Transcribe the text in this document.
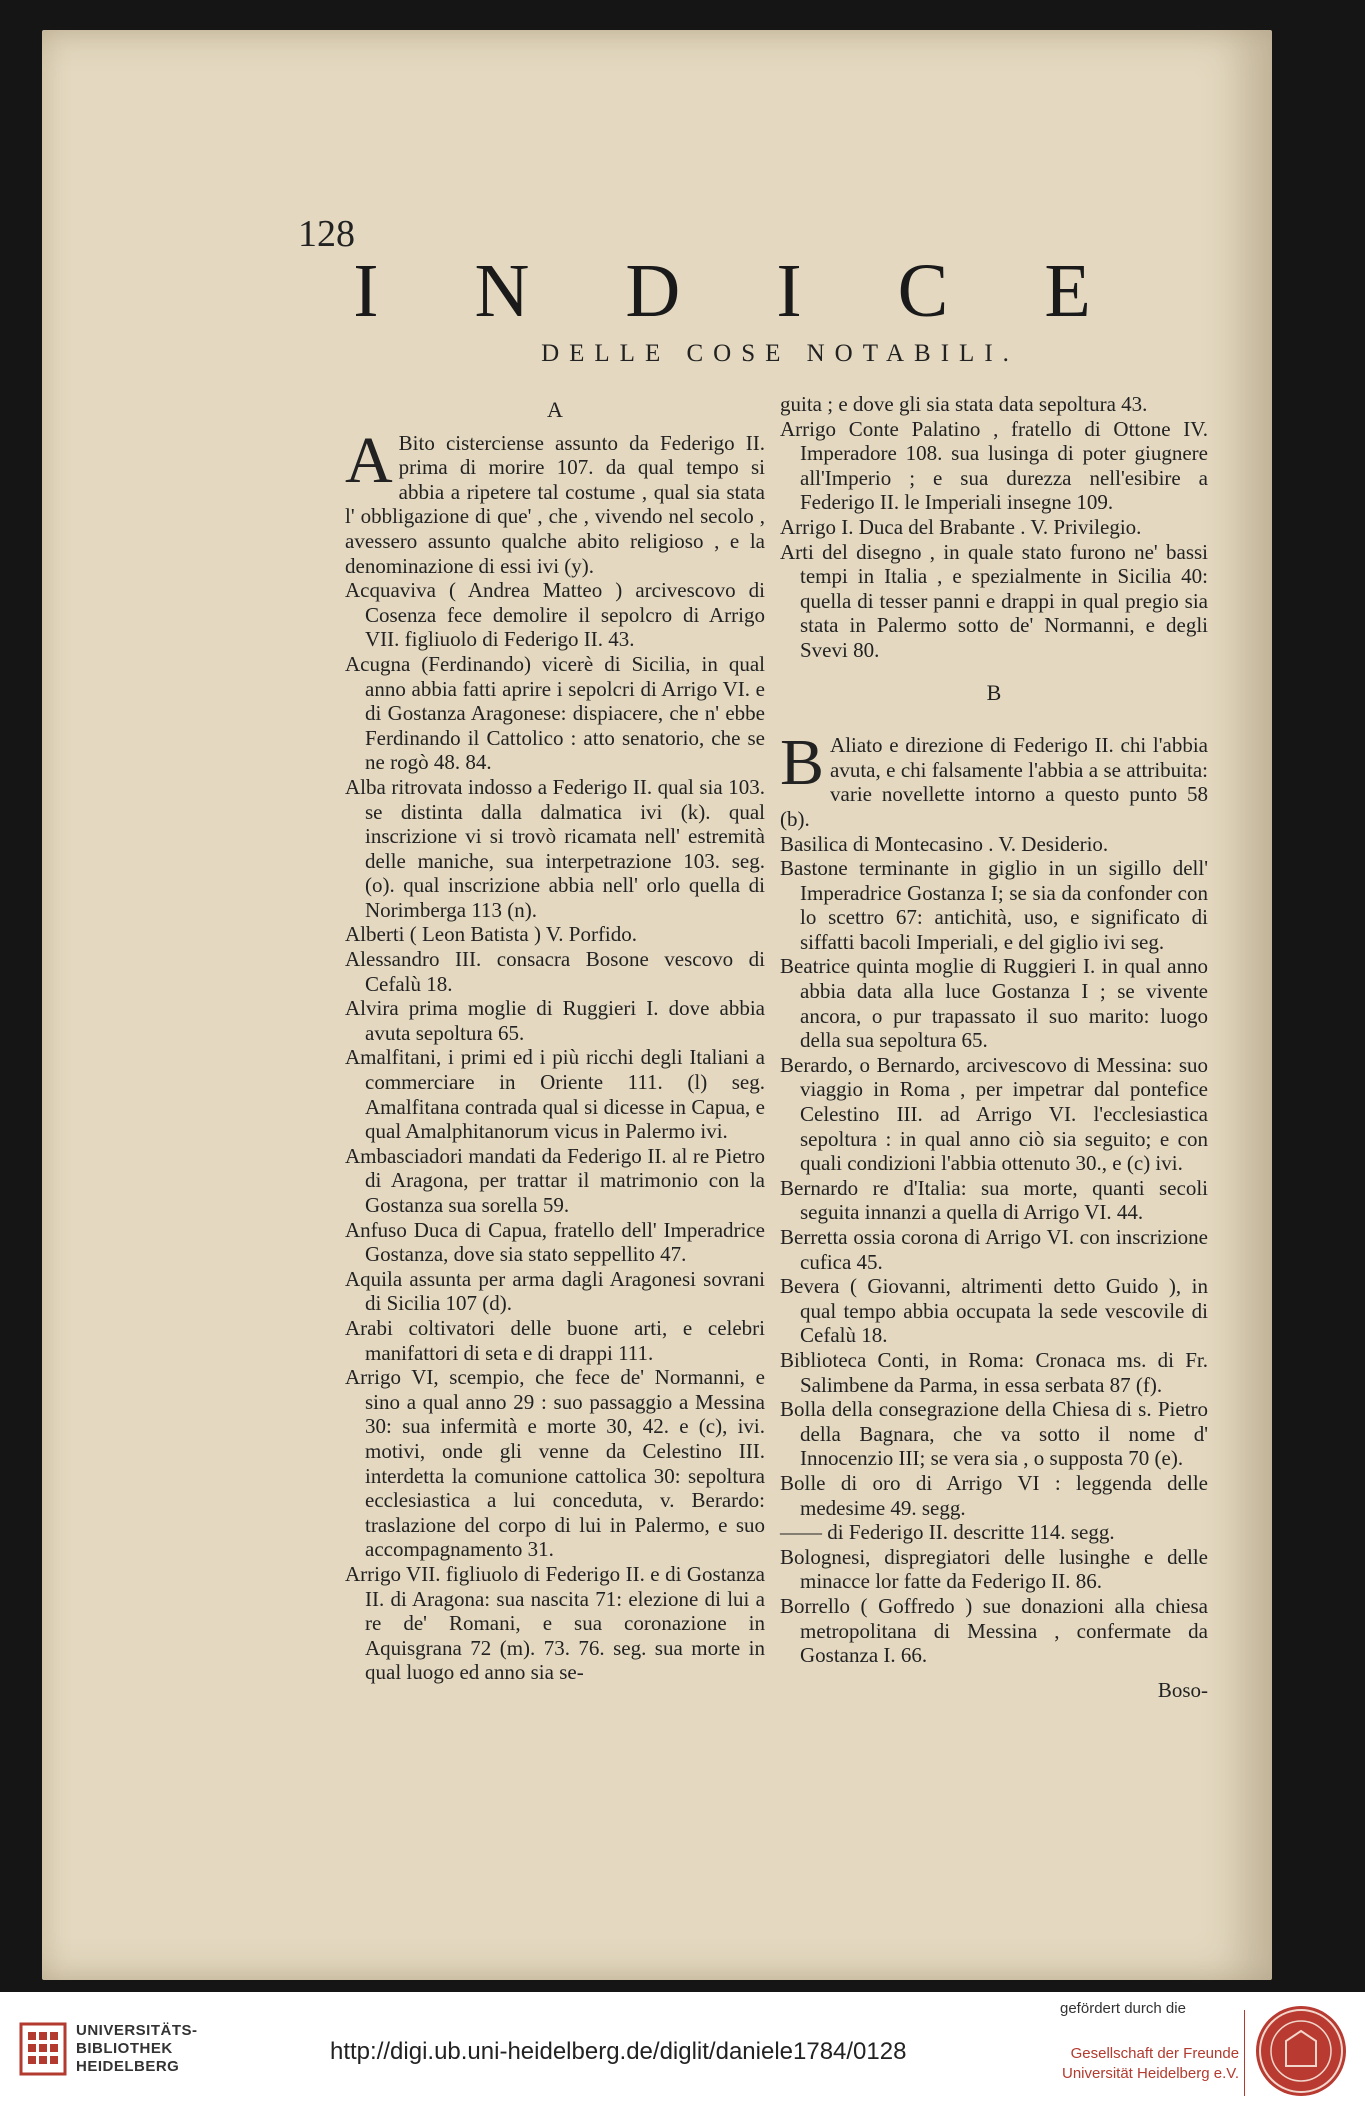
128
INDICE
DELLE COSE NOTABILI.
A

A Bito cisterciense assunto da Federigo II. prima di morire 107. da qual tempo si abbia a ripetere tal costume , qual sia stata l' obbligazione di que' , che , vivendo nel secolo , avessero assunto qualche abito religioso , e la denominazione di essi ivi (y).

Acquaviva ( Andrea Matteo ) arcivescovo di Cosenza fece demolire il sepolcro di Arrigo VII. figliuolo di Federigo II. 43.

Acugna (Ferdinando) vicerè di Sicilia, in qual anno abbia fatti aprire i sepolcri di Arrigo VI. e di Gostanza Aragonese: dispiacere, che n' ebbe Ferdinando il Cattolico : atto senatorio, che se ne rogò 48. 84.

Alba ritrovata indosso a Federigo II. qual sia 103. se distinta dalla dalmatica ivi (k). qual inscrizione vi si trovò ricamata nell' estremità delle maniche, sua interpetrazione 103. seg. (o). qual inscrizione abbia nell' orlo quella di Norimberga 113 (n).

Alberti ( Leon Batista ) V. Porfido.

Alessandro III. consacra Bosone vescovo di Cefalù 18.

Alvira prima moglie di Ruggieri I. dove abbia avuta sepoltura 65.

Amalfitani, i primi ed i più ricchi degli Italiani a commerciare in Oriente 111. (l) seg. Amalfitana contrada qual si dicesse in Capua, e qual Amalphitanorum vicus in Palermo ivi.

Ambasciadori mandati da Federigo II. al re Pietro di Aragona, per trattar il matrimonio con la Gostanza sua sorella 59.

Anfuso Duca di Capua, fratello dell' Imperadrice Gostanza, dove sia stato seppellito 47.

Aquila assunta per arma dagli Aragonesi sovrani di Sicilia 107 (d).

Arabi coltivatori delle buone arti, e celebri manifattori di seta e di drappi 111.

Arrigo VI, scempio, che fece de' Normanni, e sino a qual anno 29 : suo passaggio a Messina 30: sua infermità e morte 30, 42. e (c), ivi. motivi, onde gli venne da Celestino III. interdetta la comunione cattolica 30: sepoltura ecclesiastica a lui conceduta, v. Berardo: traslazione del corpo di lui in Palermo, e suo accompagnamento 31.

Arrigo VII. figliuolo di Federigo II. e di Gostanza II. di Aragona: sua nascita 71: elezione di lui a re de' Romani, e sua coronazione in Aquisgrana 72 (m). 73. 76. seg. sua morte in qual luogo ed anno sia se-

guita ; e dove gli sia stata data sepoltura 43.

Arrigo Conte Palatino , fratello di Ottone IV. Imperadore 108. sua lusinga di poter giugnere all'Imperio ; e sua durezza nell'esibire a Federigo II. le Imperiali insegne 109.

Arrigo I. Duca del Brabante . V. Privilegio.

Arti del disegno , in quale stato furono ne' bassi tempi in Italia , e spezialmente in Sicilia 40: quella di tesser panni e drappi in qual pregio sia stata in Palermo sotto de' Normanni, e degli Svevi 80.

B

B Aliato e direzione di Federigo II. chi l'abbia avuta, e chi falsamente l'abbia a se attribuita: varie novellette intorno a questo punto 58 (b).

Basilica di Montecasino . V. Desiderio.

Bastone terminante in giglio in un sigillo dell' Imperadrice Gostanza I; se sia da confonder con lo scettro 67: antichità, uso, e significato di siffatti bacoli Imperiali, e del giglio ivi seg.

Beatrice quinta moglie di Ruggieri I. in qual anno abbia data alla luce Gostanza I ; se vivente ancora, o pur trapassato il suo marito: luogo della sua sepoltura 65.

Berardo, o Bernardo, arcivescovo di Messina: suo viaggio in Roma , per impetrar dal pontefice Celestino III. ad Arrigo VI. l'ecclesiastica sepoltura : in qual anno ciò sia seguito; e con quali condizioni l'abbia ottenuto 30., e (c) ivi.

Bernardo re d'Italia: sua morte, quanti secoli seguita innanzi a quella di Arrigo VI. 44.

Berretta ossia corona di Arrigo VI. con inscrizione cufica 45.

Bevera ( Giovanni, altrimenti detto Guido ), in qual tempo abbia occupata la sede vescovile di Cefalù 18.

Biblioteca Conti, in Roma: Cronaca ms. di Fr. Salimbene da Parma, in essa serbata 87 (f).

Bolla della consegrazione della Chiesa di s. Pietro della Bagnara, che va sotto il nome d' Innocenzio III; se vera sia , o supposta 70 (e).

Bolle di oro di Arrigo VI : leggenda delle medesime 49. segg.

—— di Federigo II. descritte 114. segg.

Bolognesi, dispregiatori delle lusinghe e delle minacce lor fatte da Federigo II. 86.

Borrello ( Goffredo ) sue donazioni alla chiesa metropolitana di Messina , confermate da Gostanza I. 66.

Boso-
UNIVERSITÄTS-
BIBLIOTHEK
HEIDELBERG
http://digi.ub.uni-heidelberg.de/diglit/daniele1784/0128
gefördert durch die
Gesellschaft der Freunde
Universität Heidelberg e.V.
